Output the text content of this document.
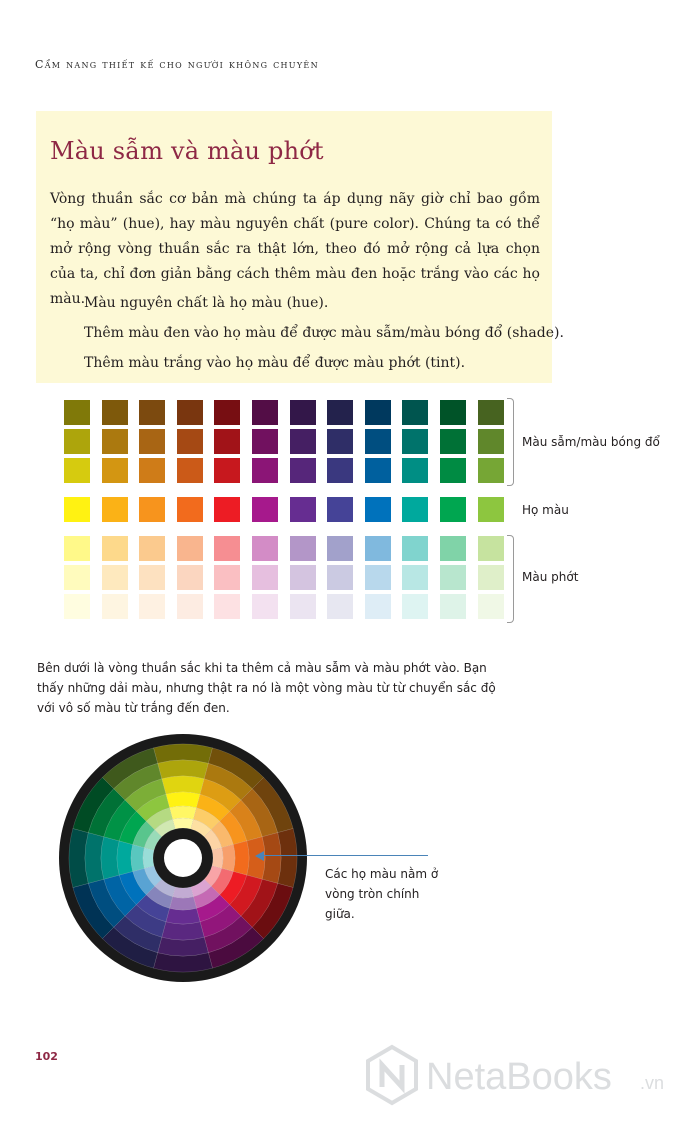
Cẩm nang thiết kế cho người không chuyên
Màu sẫm và màu phớt

Vòng thuần sắc cơ bản mà chúng ta áp dụng nãy giờ chỉ bao gồm “họ màu” (hue), hay màu nguyên chất (pure color). Chúng ta có thể mở rộng vòng thuần sắc ra thật lớn, theo đó mở rộng cả lựa chọn của ta, chỉ đơn giản bằng cách thêm màu đen hoặc trắng vào các họ màu.

Màu nguyên chất là họ màu (hue).

Thêm màu đen vào họ màu để được màu sẫm/màu bóng đổ (shade).

Thêm màu trắng vào họ màu để được màu phớt (tint).

Màu sẫm/màu bóng đổ
Họ màu
Màu phớt

Bên dưới là vòng thuần sắc khi ta thêm cả màu sẫm và màu phớt vào. Bạn thấy những dải màu, nhưng thật ra nó là một vòng màu từ từ chuyển sắc độ với vô số màu từ trắng đến đen.

Các họ màu nằm ở vòng tròn chính giữa.

102	NetaBooks .vn
